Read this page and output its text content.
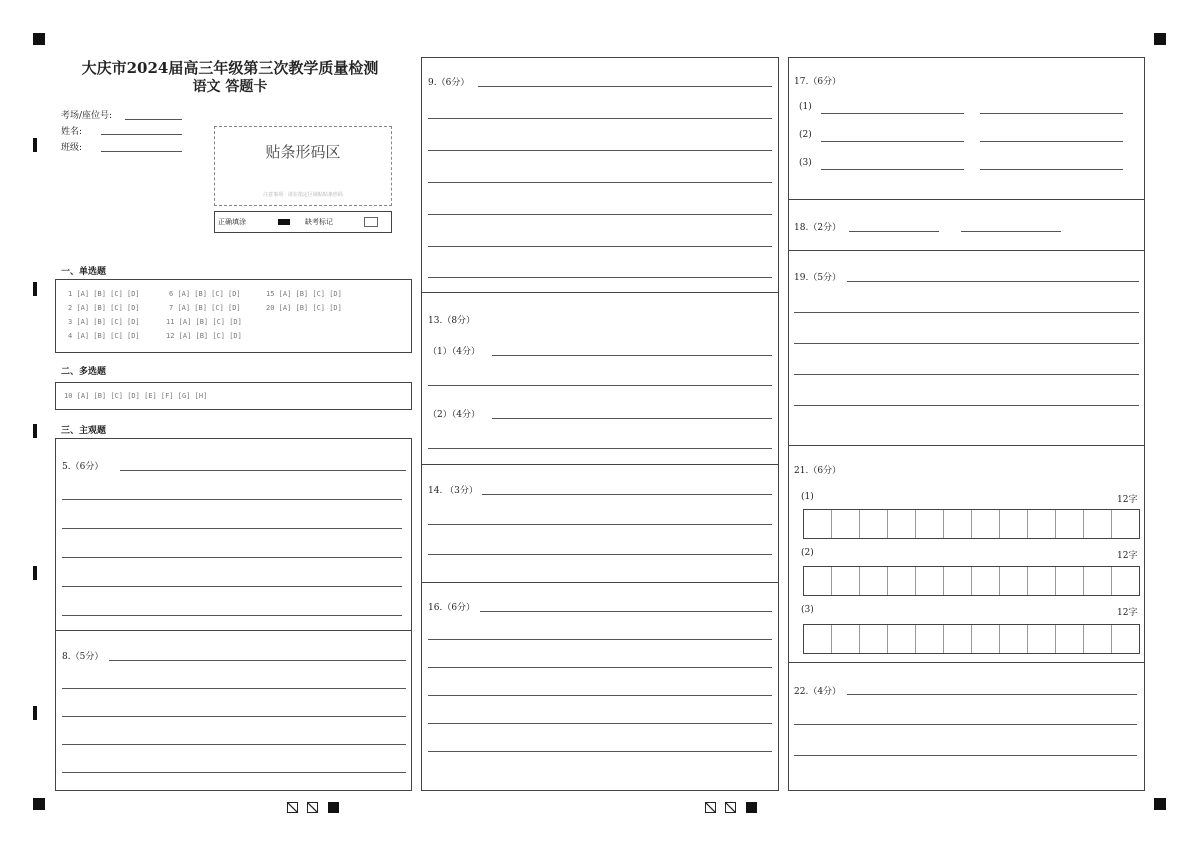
大庆市2024届高三年级第三次教学质量检测
语文 答题卡
考场/座位号:
姓名:
班级:	贴条形码区
注意事项 · 请在指定区域粘贴条形码
正确填涂	缺考标记
一、单选题
1 [A] [B] [C] [D]	6 [A] [B] [C] [D]	15 [A] [B] [C] [D]
2 [A] [B] [C] [D]	7 [A] [B] [C] [D]	20 [A] [B] [C] [D]
3 [A] [B] [C] [D]	11 [A] [B] [C] [D]
4 [A] [B] [C] [D]	12 [A] [B] [C] [D]
二、多选题
10 [A] [B] [C] [D] [E] [F] [G] [H]
三、主观题
5.（6分）
8.（5分）
9.（6分）
13.（8分）
（1）（4分）
（2）（4分）
14. （3分）
16.（6分）
17.（6分）
(1)
(2)
(3)
18.（2分）
19.（5分）
21.（6分）
(1)	12字
(2)	12字
(3)	12字
22.（4分）
